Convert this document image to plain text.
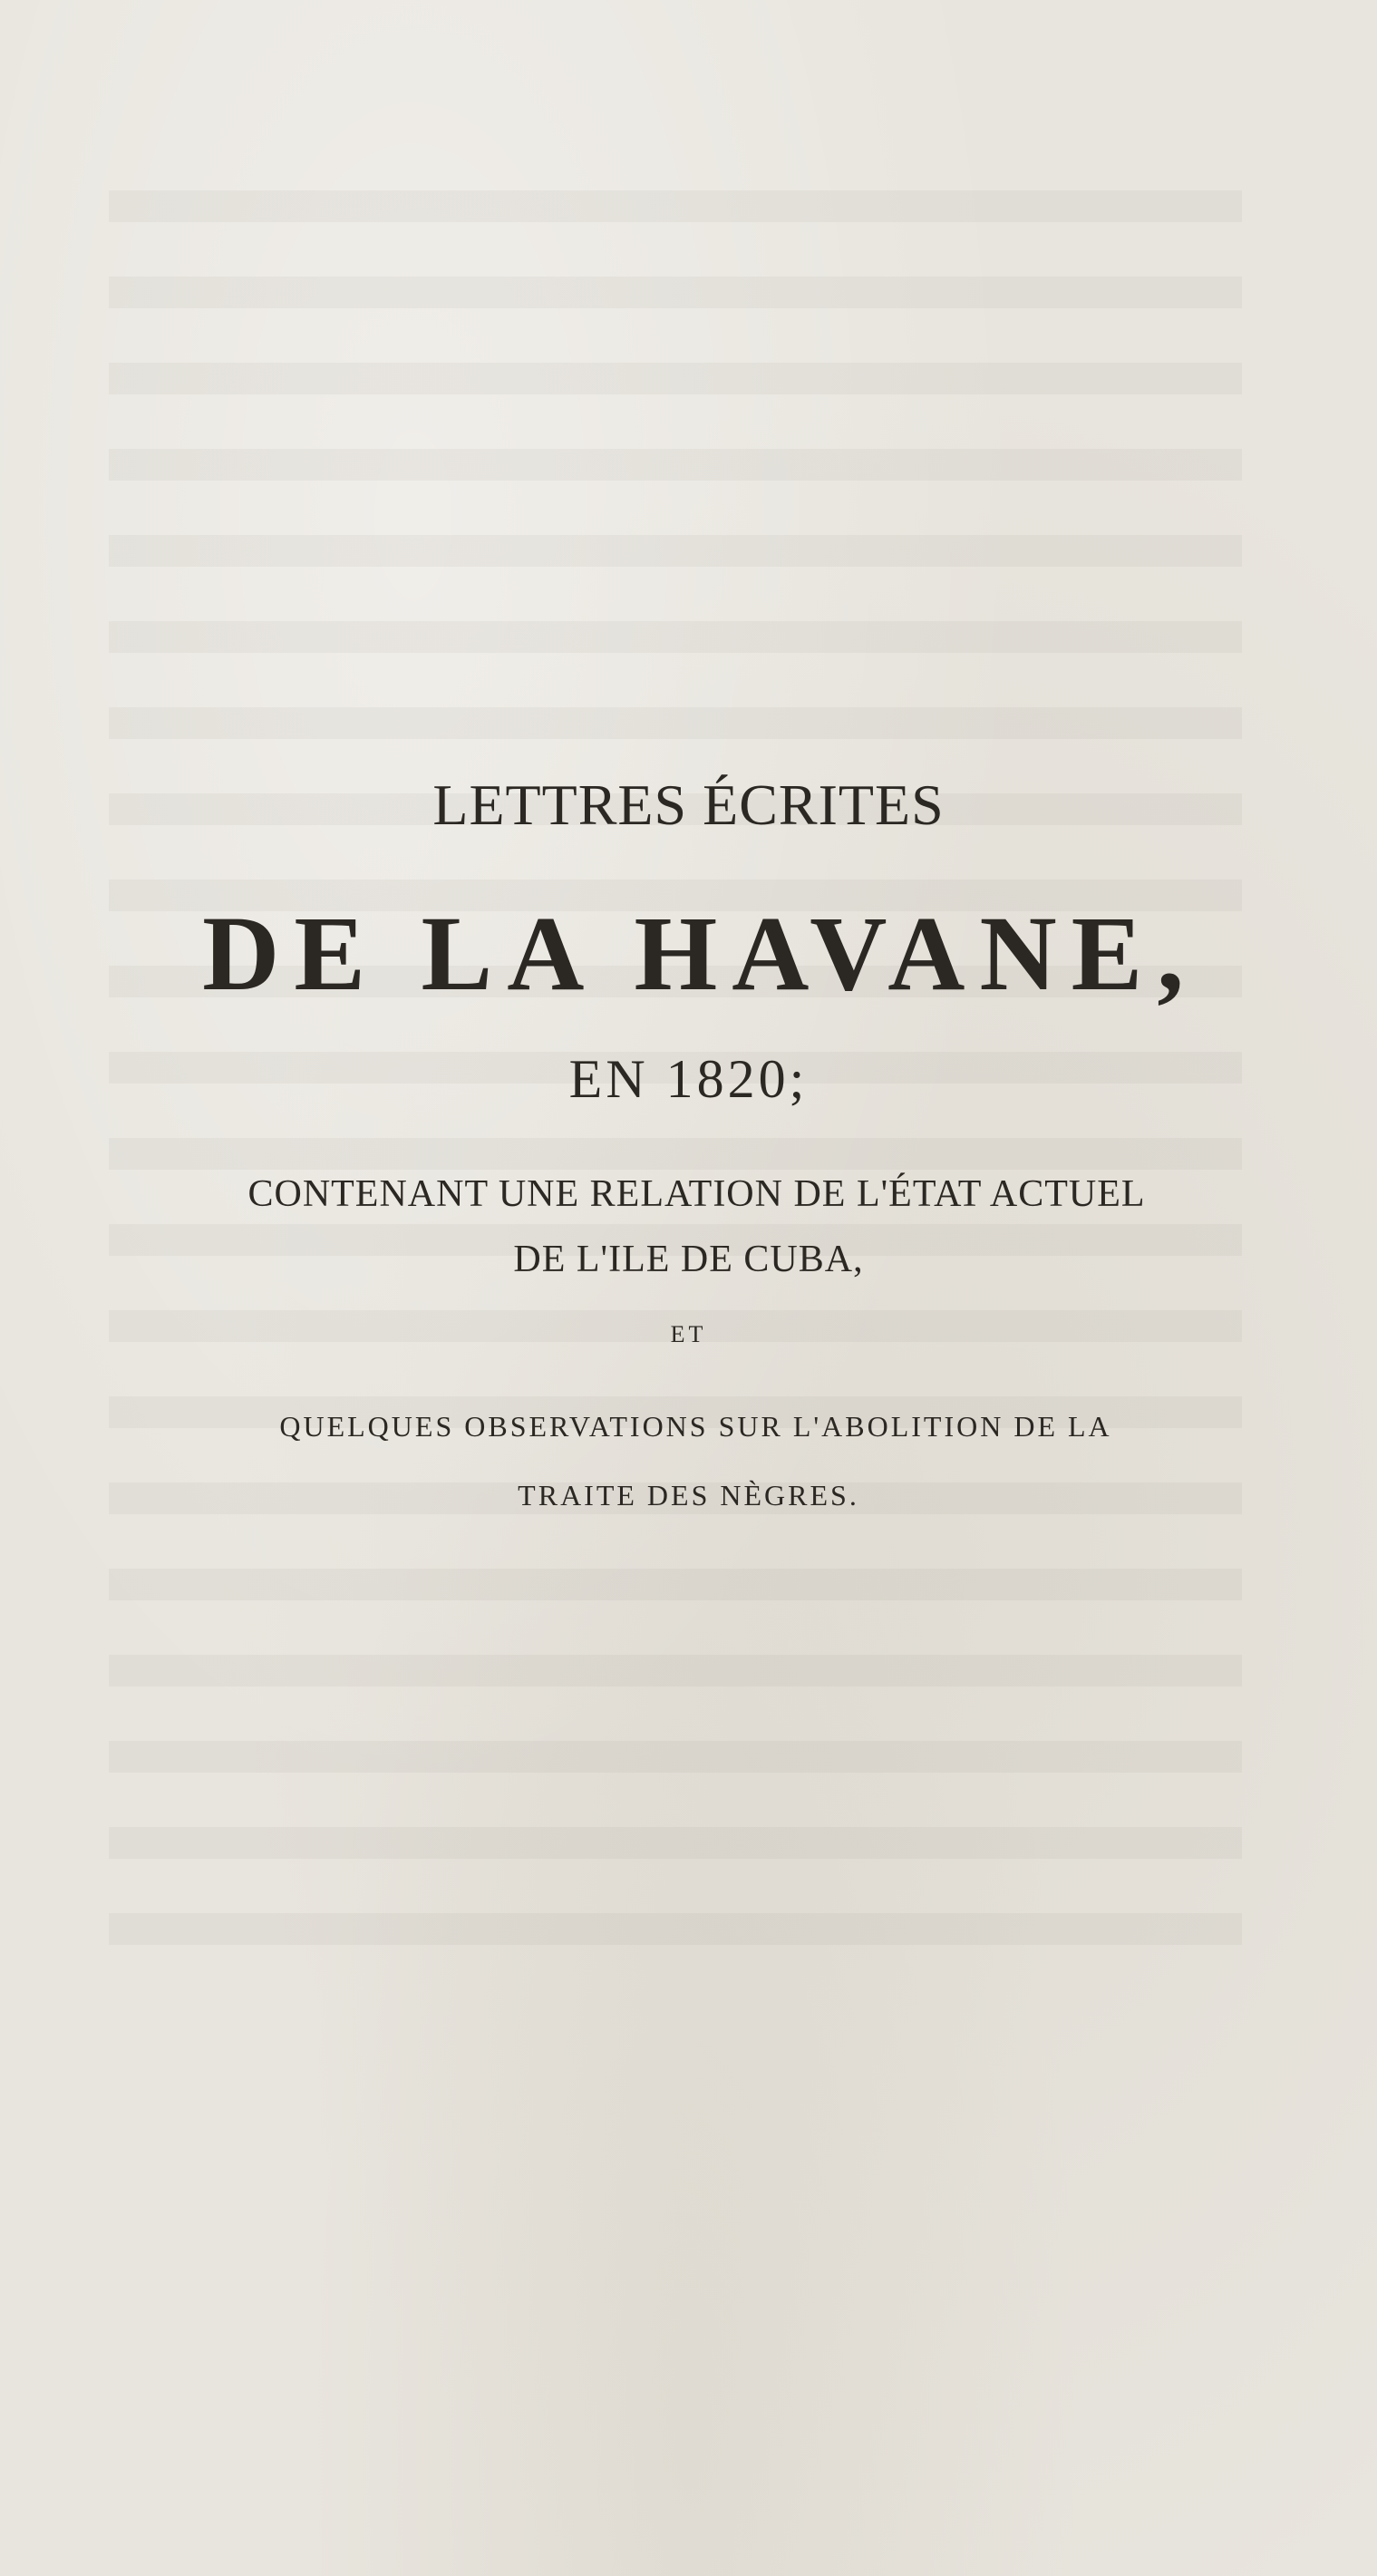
LETTRES ÉCRITES
DE LA HAVANE,
EN 1820;
CONTENANT UNE RELATION DE L'ÉTAT ACTUEL
DE L'ILE DE CUBA,
ET
QUELQUES OBSERVATIONS SUR L'ABOLITION DE LA
TRAITE DES NÈGRES.
